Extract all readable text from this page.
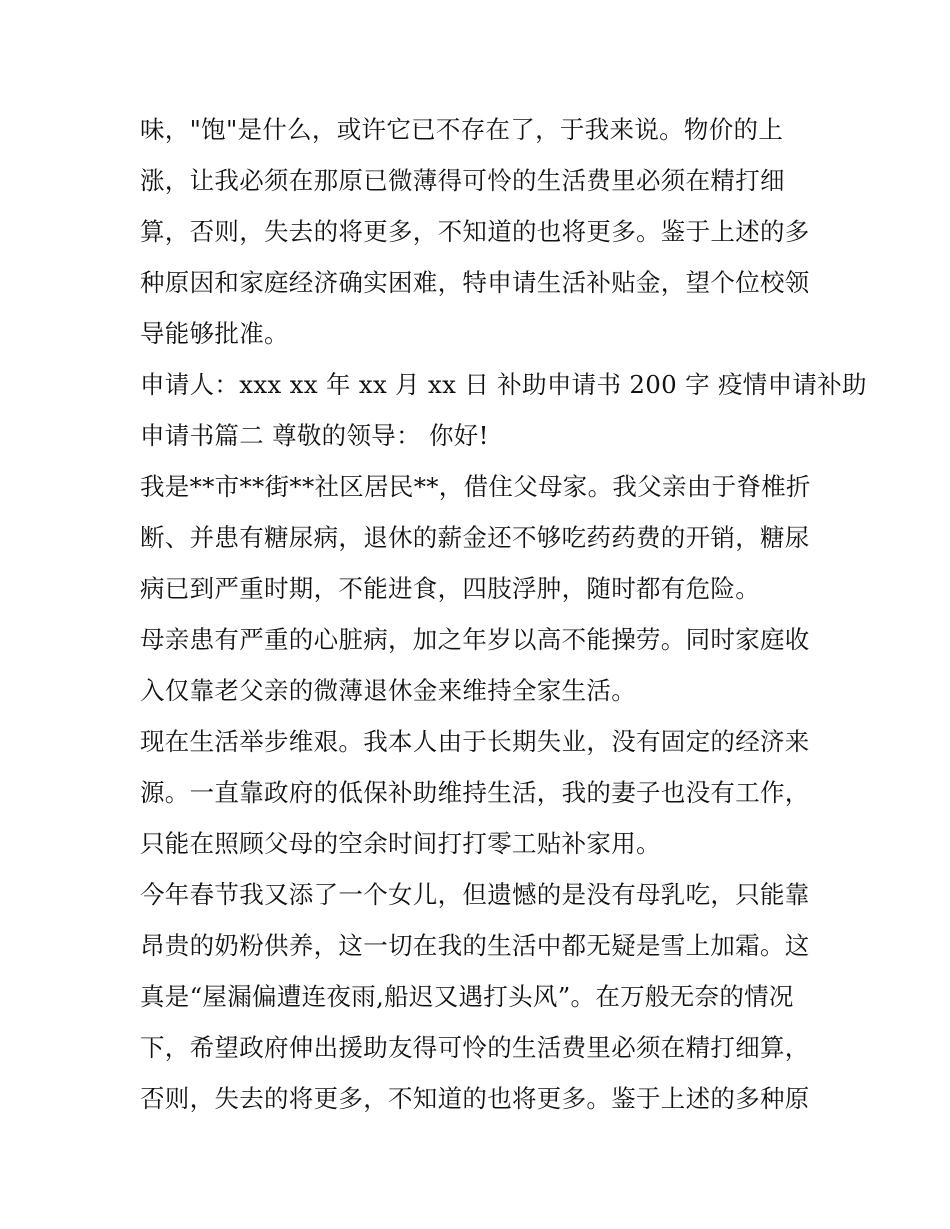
味，"饱"是什么，或许它已不存在了，于我来说。物价的上
涨，让我必须在那原已微薄得可怜的生活费里必须在精打细
算，否则，失去的将更多，不知道的也将更多。鉴于上述的多
种原因和家庭经济确实困难，特申请生活补贴金，望个位校领
导能够批准。
申请人：xxx xx 年 xx 月 xx 日 补助申请书 200 字 疫情申请补助
申请书篇二 尊敬的领导： 你好!
我是**市**街**社区居民**，借住父母家。我父亲由于脊椎折
断、并患有糖尿病，退休的薪金还不够吃药药费的开销，糖尿
病已到严重时期，不能进食，四肢浮肿，随时都有危险。
母亲患有严重的心脏病，加之年岁以高不能操劳。同时家庭收
入仅靠老父亲的微薄退休金来维持全家生活。
现在生活举步维艰。我本人由于长期失业，没有固定的经济来
源。一直靠政府的低保补助维持生活，我的妻子也没有工作，
只能在照顾父母的空余时间打打零工贴补家用。
今年春节我又添了一个女儿，但遗憾的是没有母乳吃，只能靠
昂贵的奶粉供养，这一切在我的生活中都无疑是雪上加霜。这
真是“屋漏偏遭连夜雨,船迟又遇打头风”。在万般无奈的情况
下，希望政府伸出援助友得可怜的生活费里必须在精打细算，
否则，失去的将更多，不知道的也将更多。鉴于上述的多种原
